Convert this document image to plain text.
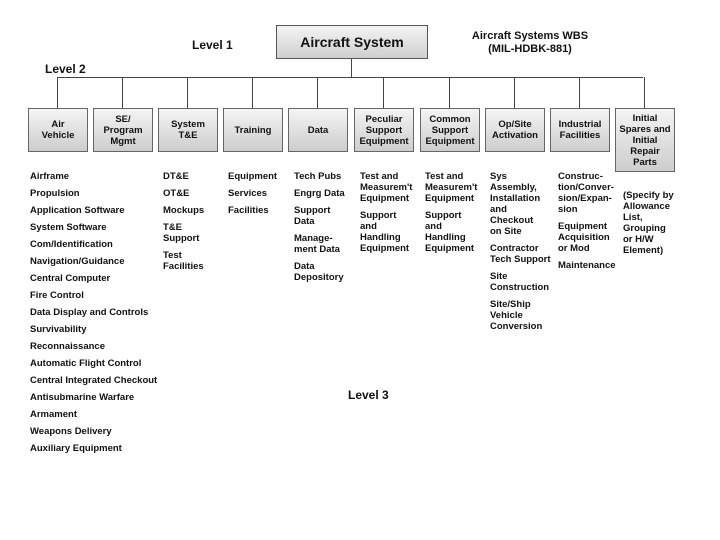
Level 1
Level 2
Level 3
Aircraft Systems WBS
(MIL-HDBK-881)
Aircraft System
Air
Vehicle
SE/
Program
Mgmt
System
T&E	Training	Data
Peculiar
Support
Equipment
Common
Support
Equipment
Op/Site
Activation
Industrial
Facilities
Initial
Spares and
Initial
Repair
Parts
Airframe
Propulsion
Application Software
System Software
Com/Identification
Navigation/Guidance
Central Computer
Fire Control
Data Display and Controls
Survivability
Reconnaissance
Automatic Flight Control
Central Integrated Checkout
Antisubmarine Warfare
Armament
Weapons Delivery
Auxiliary Equipment
DT&E
OT&E
Mockups
T&E
Support
Test
Facilities
Equipment
Services
Facilities
Tech Pubs
Engrg Data
Support
Data
Manage-
ment Data
Data
Depository
Test and
Measurem't
Equipment
Support
and
Handling
Equipment
Test and
Measurem't
Equipment
Support
and
Handling
Equipment
Sys
Assembly,
Installation
and
Checkout
on Site
Contractor
Tech Support
Site
Construction
Site/Ship
Vehicle
Conversion
Construc-
tion/Conver-
sion/Expan-
sion
Equipment
Acquisition
or Mod
Maintenance
(Specify by
Allowance
List,
Grouping
or H/W
Element)
